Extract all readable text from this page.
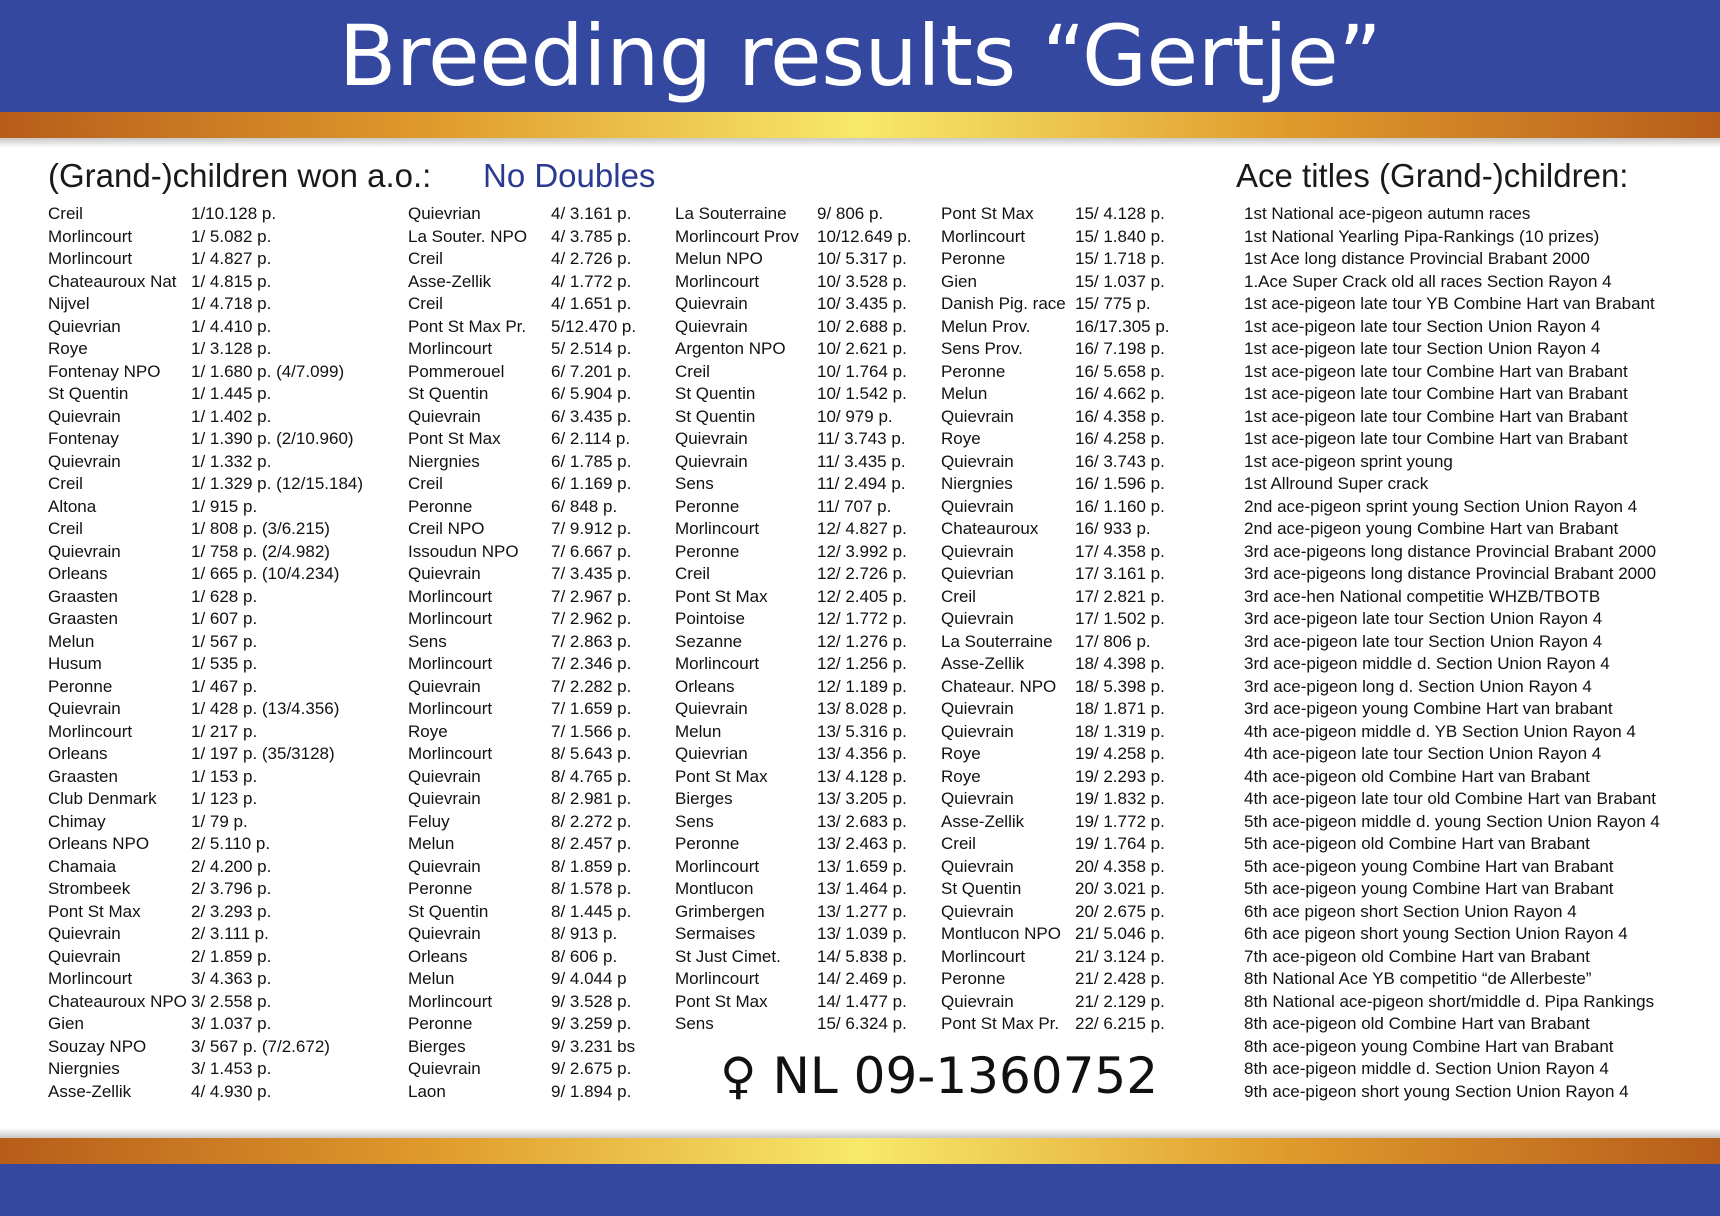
Breeding results “Gertje”
(Grand-)children won a.o.: No Doubles	Ace titles (Grand-)children:
Creil	1/10.128 p.
Morlincourt	1/ 5.082 p.
Morlincourt	1/ 4.827 p.
Chateauroux Nat 1/ 4.815 p.
Nijvel	1/ 4.718 p.
Quievrian	1/ 4.410 p.
Roye	1/ 3.128 p.
Fontenay NPO 1/ 1.680 p. (4/7.099)
St Quentin	1/ 1.445 p.
Quievrain	1/ 1.402 p.
Fontenay	1/ 1.390 p. (2/10.960)
Quievrain	1/ 1.332 p.
Creil	1/ 1.329 p. (12/15.184)
Altona	1/ 915 p.
Creil	1/ 808 p. (3/6.215)
Quievrain	1/ 758 p. (2/4.982)
Orleans	1/ 665 p. (10/4.234)
Graasten	1/ 628 p.
Graasten	1/ 607 p.
Melun	1/ 567 p.
Husum	1/ 535 p.
Peronne	1/ 467 p.
Quievrain	1/ 428 p. (13/4.356)
Morlincourt	1/ 217 p.
Orleans	1/ 197 p. (35/3128)
Graasten	1/ 153 p.
Club Denmark 1/ 123 p.
Chimay	1/ 79 p.
Orleans NPO 2/ 5.110 p.
Chamaia	2/ 4.200 p.
Strombeek	2/ 3.796 p.
Pont St Max	2/ 3.293 p.
Quievrain	2/ 3.111 p.
Quievrain	2/ 1.859 p.
Morlincourt	3/ 4.363 p.
Chateauroux NPO 3/ 2.558 p.
Gien	3/ 1.037 p.
Souzay NPO	3/ 567 p. (7/2.672)
Niergnies	3/ 1.453 p.
Asse-Zellik	4/ 4.930 p.
Quievrian	4/ 3.161 p.
La Souter. NPO 4/ 3.785 p.
Creil	4/ 2.726 p.
Asse-Zellik	4/ 1.772 p.
Creil	4/ 1.651 p.
Pont St Max Pr. 5/12.470 p.
Morlincourt	5/ 2.514 p.
Pommerouel	6/ 7.201 p.
St Quentin	6/ 5.904 p.
Quievrain	6/ 3.435 p.
Pont St Max	6/ 2.114 p.
Niergnies	6/ 1.785 p.
Creil	6/ 1.169 p.
Peronne	6/ 848 p.
Creil NPO	7/ 9.912 p.
Issoudun NPO 7/ 6.667 p.
Quievrain	7/ 3.435 p.
Morlincourt	7/ 2.967 p.
Morlincourt	7/ 2.962 p.
Sens	7/ 2.863 p.
Morlincourt	7/ 2.346 p.
Quievrain	7/ 2.282 p.
Morlincourt	7/ 1.659 p.
Roye	7/ 1.566 p.
Morlincourt	8/ 5.643 p.
Quievrain	8/ 4.765 p.
Quievrain	8/ 2.981 p.
Feluy	8/ 2.272 p.
Melun	8/ 2.457 p.
Quievrain	8/ 1.859 p.
Peronne	8/ 1.578 p.
St Quentin	8/ 1.445 p.
Quievrain	8/ 913 p.
Orleans	8/ 606 p.
Melun	9/ 4.044 p
Morlincourt	9/ 3.528 p.
Peronne	9/ 3.259 p.
Bierges	9/ 3.231 bs
Quievrain	9/ 2.675 p.
Laon	9/ 1.894 p.
La Souterraine 9/ 806 p.
Morlincourt Prov 10/12.649 p.
Melun NPO	10/ 5.317 p.
Morlincourt	10/ 3.528 p.
Quievrain	10/ 3.435 p.
Quievrain	10/ 2.688 p.
Argenton NPO 10/ 2.621 p.
Creil	10/ 1.764 p.
St Quentin	10/ 1.542 p.
St Quentin	10/ 979 p.
Quievrain	11/ 3.743 p.
Quievrain	11/ 3.435 p.
Sens	11/ 2.494 p.
Peronne	11/ 707 p.
Morlincourt	12/ 4.827 p.
Peronne	12/ 3.992 p.
Creil	12/ 2.726 p.
Pont St Max	12/ 2.405 p.
Pointoise	12/ 1.772 p.
Sezanne	12/ 1.276 p.
Morlincourt	12/ 1.256 p.
Orleans	12/ 1.189 p.
Quievrain	13/ 8.028 p.
Melun	13/ 5.316 p.
Quievrian	13/ 4.356 p.
Pont St Max	13/ 4.128 p.
Bierges	13/ 3.205 p.
Sens	13/ 2.683 p.
Peronne	13/ 2.463 p.
Morlincourt	13/ 1.659 p.
Montlucon	13/ 1.464 p.
Grimbergen	13/ 1.277 p.
Sermaises	13/ 1.039 p.
St Just Cimet. 14/ 5.838 p.
Morlincourt	14/ 2.469 p.
Pont St Max	14/ 1.477 p.
Sens	15/ 6.324 p.
Pont St Max 15/ 4.128 p.
Morlincourt	15/ 1.840 p.
Peronne	15/ 1.718 p.
Gien	15/ 1.037 p.
Danish Pig. race 15/ 775 p.
Melun Prov.	16/17.305 p.
Sens Prov.	16/ 7.198 p.
Peronne	16/ 5.658 p.
Melun	16/ 4.662 p.
Quievrain	16/ 4.358 p.
Roye	16/ 4.258 p.
Quievrain	16/ 3.743 p.
Niergnies	16/ 1.596 p.
Quievrain	16/ 1.160 p.
Chateauroux 16/ 933 p.
Quievrain	17/ 4.358 p.
Quievrian	17/ 3.161 p.
Creil	17/ 2.821 p.
Quievrain	17/ 1.502 p.
La Souterraine 17/ 806 p.
Asse-Zellik	18/ 4.398 p.
Chateaur. NPO 18/ 5.398 p.
Quievrain	18/ 1.871 p.
Quievrain	18/ 1.319 p.
Roye	19/ 4.258 p.
Roye	19/ 2.293 p.
Quievrain	19/ 1.832 p.
Asse-Zellik	19/ 1.772 p.
Creil	19/ 1.764 p.
Quievrain	20/ 4.358 p.
St Quentin	20/ 3.021 p.
Quievrain	20/ 2.675 p.
Montlucon NPO 21/ 5.046 p.
Morlincourt	21/ 3.124 p.
Peronne	21/ 2.428 p.
Quievrain	21/ 2.129 p.
Pont St Max Pr. 22/ 6.215 p.
1st National ace-pigeon autumn races
1st National Yearling Pipa-Rankings (10 prizes)
1st Ace long distance Provincial Brabant 2000
1.Ace Super Crack old all races Section Rayon 4
1st ace-pigeon late tour YB Combine Hart van Brabant
1st ace-pigeon late tour Section Union Rayon 4
1st ace-pigeon late tour Section Union Rayon 4
1st ace-pigeon late tour Combine Hart van Brabant
1st ace-pigeon late tour Combine Hart van Brabant
1st ace-pigeon late tour Combine Hart van Brabant
1st ace-pigeon late tour Combine Hart van Brabant
1st ace-pigeon sprint young
1st Allround Super crack
2nd ace-pigeon sprint young Section Union Rayon 4
2nd ace-pigeon young Combine Hart van Brabant
3rd ace-pigeons long distance Provincial Brabant 2000
3rd ace-pigeons long distance Provincial Brabant 2000
3rd ace-hen National competitie WHZB/TBOTB
3rd ace-pigeon late tour Section Union Rayon 4
3rd ace-pigeon late tour Section Union Rayon 4
3rd ace-pigeon middle d. Section Union Rayon 4
3rd ace-pigeon long d. Section Union Rayon 4
3rd ace-pigeon young Combine Hart van brabant
4th ace-pigeon middle d. YB Section Union Rayon 4
4th ace-pigeon late tour Section Union Rayon 4
4th ace-pigeon old Combine Hart van Brabant
4th ace-pigeon late tour old Combine Hart van Brabant
5th ace-pigeon middle d. young Section Union Rayon 4
5th ace-pigeon old Combine Hart van Brabant
5th ace-pigeon young Combine Hart van Brabant
5th ace-pigeon young Combine Hart van Brabant
6th ace pigeon short Section Union Rayon 4
6th ace pigeon short young Section Union Rayon 4
7th ace-pigeon old Combine Hart van Brabant
8th National Ace YB competitio “de Allerbeste”
8th National ace-pigeon short/middle d. Pipa Rankings
8th ace-pigeon old Combine Hart van Brabant
8th ace-pigeon young Combine Hart van Brabant
8th ace-pigeon middle d. Section Union Rayon 4
9th ace-pigeon short young Section Union Rayon 4
♀ NL 09-1360752
